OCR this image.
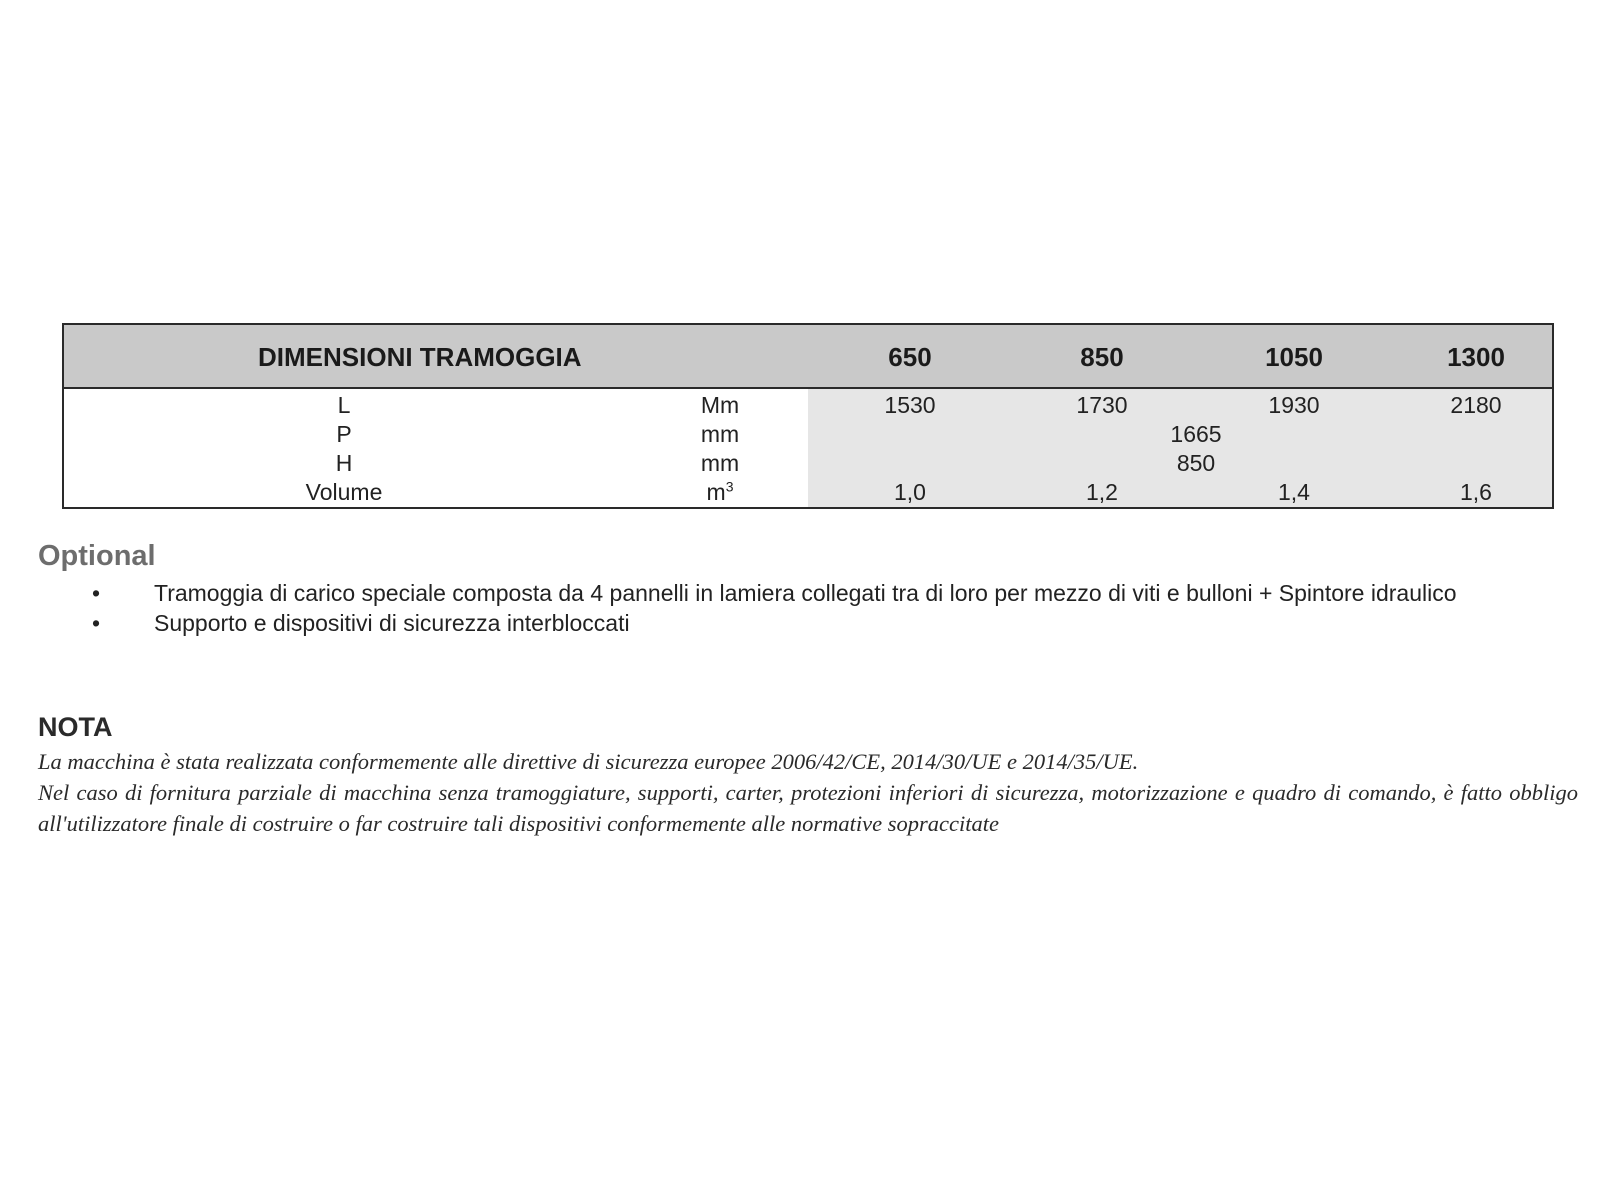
DIMENSIONI TRAMOGGIA	650	850	1050	1300
L	Mm	1530	1730	1930	2180
P	mm	1665
H	mm	850
Volume	$m^3$	1,0	1,2	1,4	1,6
Optional
• Tramoggia di carico speciale composta da 4 pannelli in lamiera collegati tra di loro per mezzo di viti e bulloni + Spintore idraulico
• Supporto e dispositivi di sicurezza interbloccati
NOTA

La macchina è stata realizzata conformemente alle direttive di sicurezza europee 2006/42/CE, 2014/30/UE e 2014/35/UE.

Nel caso di fornitura parziale di macchina senza tramoggiature, supporti, carter, protezioni inferiori di sicurezza, motorizzazione e quadro di comando, è fatto obbligo all'utilizzatore finale di costruire o far costruire tali dispositivi conformemente alle normative sopraccitate
